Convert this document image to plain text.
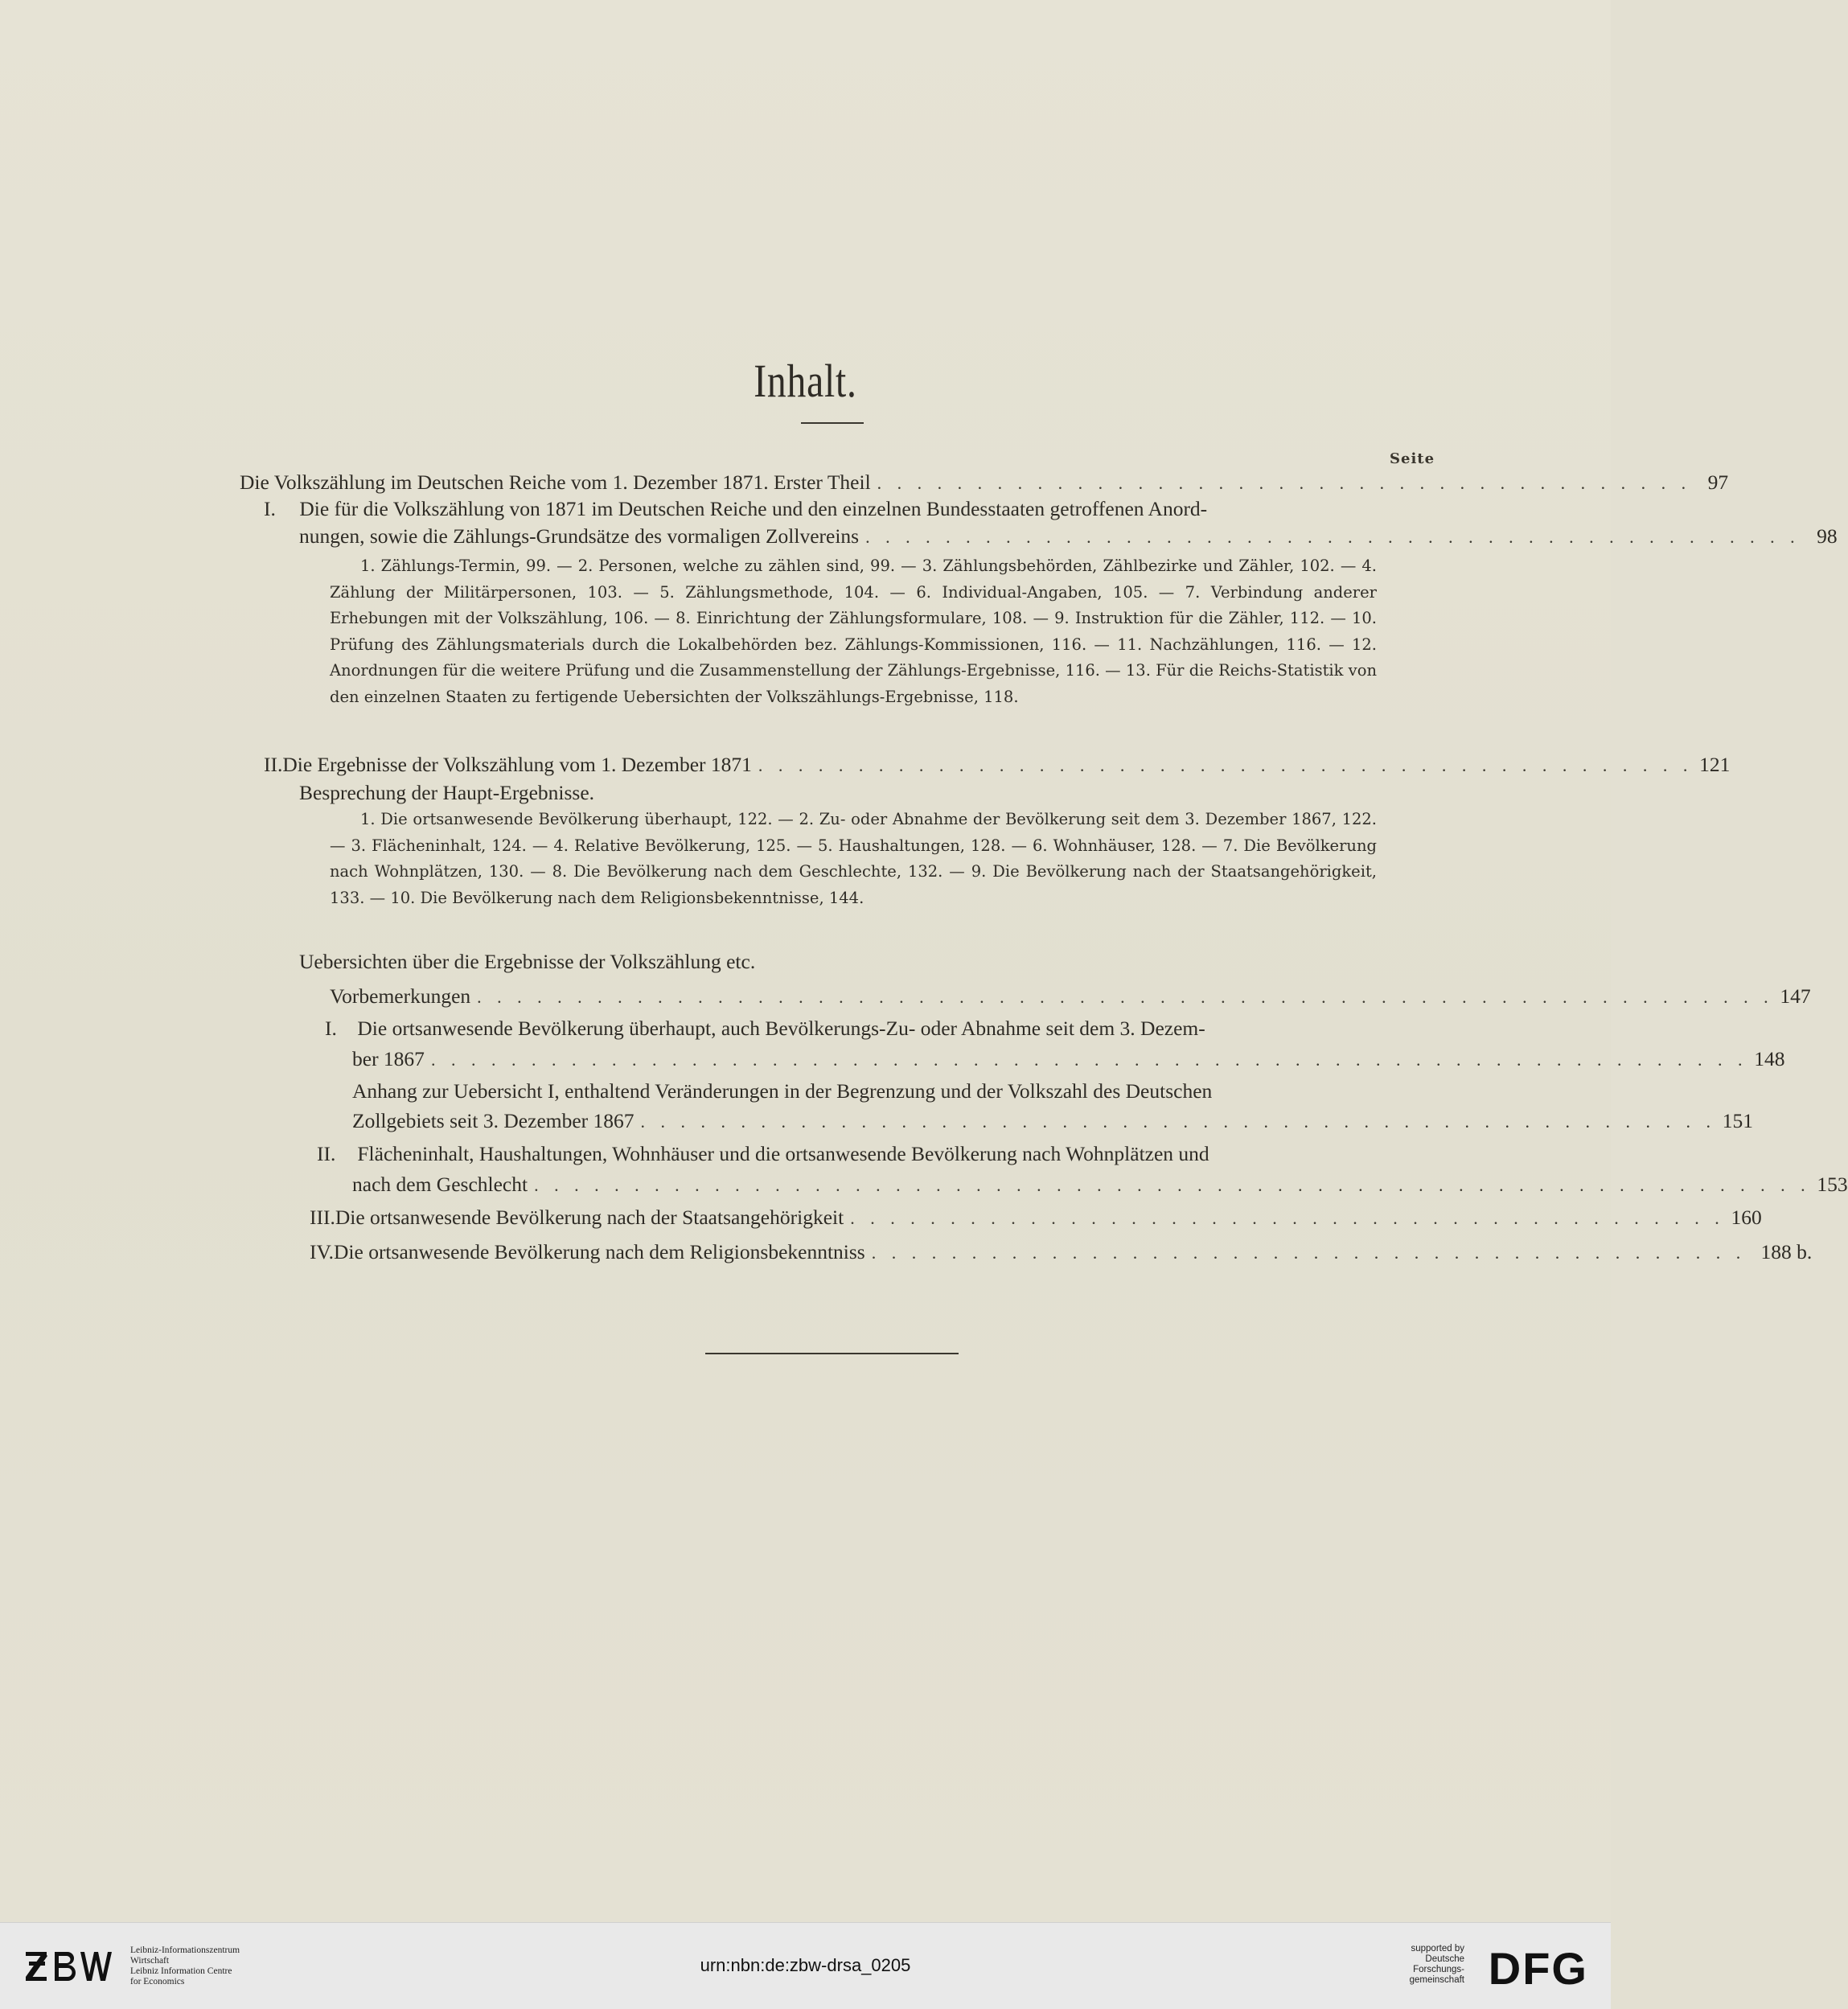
Inhalt.
Seite
Die Volkszählung im Deutschen Reiche vom 1. Dezember 1871. Erster Theil . . . . . . . . . . . . . . . . . . . . . . . . . . . . . . . . . . . . . . . . . 97
I. Die für die Volkszählung von 1871 im Deutschen Reiche und den einzelnen Bundesstaaten getroffenen Anord-
nungen, sowie die Zählungs-Grundsätze des vormaligen Zollvereins . . . . . . . . . . . . . . . . . . . . . . . . . . . . . . . . . . . . . . . . . . . . . . . 98
1. Zählungs-Termin, 99. — 2. Personen, welche zu zählen sind, 99. — 3. Zählungsbehörden, Zählbezirke und Zähler, 102. — 4. Zählung der Militärpersonen, 103. — 5. Zählungsmethode, 104. — 6. Individual-Angaben, 105. — 7. Verbindung anderer Erhebungen mit der Volkszählung, 106. — 8. Einrichtung der Zählungsformulare, 108. — 9. Instruktion für die Zähler, 112. — 10. Prüfung des Zählungsmaterials durch die Lokalbehörden bez. Zählungs-Kommissionen, 116. — 11. Nachzählungen, 116. — 12. Anordnungen für die weitere Prüfung und die Zusammenstellung der Zählungs-Ergebnisse, 116. — 13. Für die Reichs-Statistik von den einzelnen Staaten zu fertigende Uebersichten der Volkszählungs-Ergebnisse, 118.
II. Die Ergebnisse der Volkszählung vom 1. Dezember 1871 . . . . . . . . . . . . . . . . . . . . . . . . . . . . . . . . . . . . . . . . . . . . . . . 121
Besprechung der Haupt-Ergebnisse.
1. Die ortsanwesende Bevölkerung überhaupt, 122. — 2. Zu- oder Abnahme der Bevölkerung seit dem 3. Dezember 1867, 122. — 3. Flächeninhalt, 124. — 4. Relative Bevölkerung, 125. — 5. Haushaltungen, 128. — 6. Wohnhäuser, 128. — 7. Die Bevölkerung nach Wohnplätzen, 130. — 8. Die Bevölkerung nach dem Geschlechte, 132. — 9. Die Bevölkerung nach der Staatsangehörigkeit, 133. — 10. Die Bevölkerung nach dem Religionsbekenntnisse, 144.
Uebersichten über die Ergebnisse der Volkszählung etc.
Vorbemerkungen . . . . . . . . . . . . . . . . . . . . . . . . . . . . . . . . . . . . . . . . . . . . . . . . . . . . . . . . . . . . . . . . . 147
I. Die ortsanwesende Bevölkerung überhaupt, auch Bevölkerungs-Zu- oder Abnahme seit dem 3. Dezem-
ber 1867 . . . . . . . . . . . . . . . . . . . . . . . . . . . . . . . . . . . . . . . . . . . . . . . . . . . . . . . . . . . . . . . . . . 148
Anhang zur Uebersicht I, enthaltend Veränderungen in der Begrenzung und der Volkszahl des Deutschen
Zollgebiets seit 3. Dezember 1867 . . . . . . . . . . . . . . . . . . . . . . . . . . . . . . . . . . . . . . . . . . . . . . . . . . . . . . 151
II. Flächeninhalt, Haushaltungen, Wohnhäuser und die ortsanwesende Bevölkerung nach Wohnplätzen und
nach dem Geschlecht . . . . . . . . . . . . . . . . . . . . . . . . . . . . . . . . . . . . . . . . . . . . . . . . . . . . . . . . . . . . . . . . 153
III. Die ortsanwesende Bevölkerung nach der Staatsangehörigkeit . . . . . . . . . . . . . . . . . . . . . . . . . . . . . . . . . . . . . . . . . . . . 160
IV. Die ortsanwesende Bevölkerung nach dem Religionsbekenntniss . . . . . . . . . . . . . . . . . . . . . . . . . . . . . . . . . . . . . . . . . . . . 188 b.
Leibniz-Informationszentrum
Wirtschaft
Leibniz Information Centre
for Economics
urn:nbn:de:zbw-drsa_0205
supported by
Deutsche
Forschungs-
gemeinschaft DFG
